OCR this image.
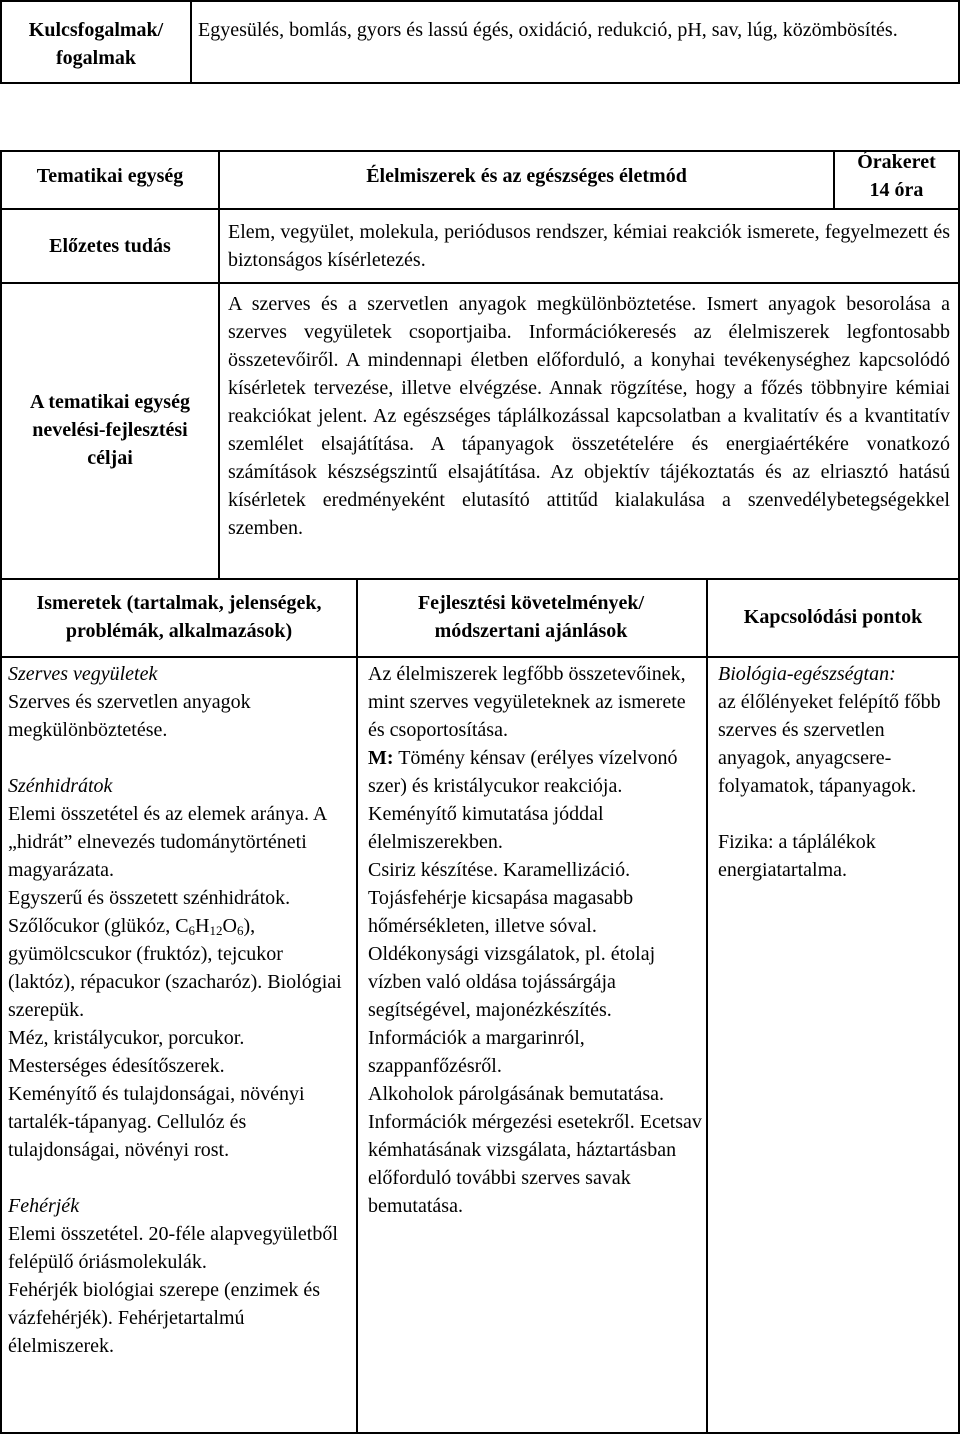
Kulcsfogalmak/ fogalmak
Egyesülés, bomlás, gyors és lassú égés, oxidáció, redukció, pH, sav, lúg, közömbösítés.
Tematikai egység	Élelmiszerek és az egészséges életmód
Órakeret
14 óra
Előzetes tudás
Elem, vegyület, molekula, periódusos rendszer, kémiai reakciók ismerete, fegyelmezett és biztonságos kísérletezés.
A tematikai egység nevelési-fejlesztési céljai
A szerves és a szervetlen anyagok megkülönböztetése. Ismert anyagok besorolása a szerves vegyületek csoportjaiba. Információkeresés az élelmiszerek legfontosabb összetevőiről. A mindennapi életben előforduló, a konyhai tevékenységhez kapcsolódó kísérletek tervezése, illetve elvégzése. Annak rögzítése, hogy a főzés többnyire kémiai reakciókat jelent. Az egészséges táplálkozással kapcsolatban a kvalitatív és a kvantitatív szemlélet elsajátítása. A tápanyagok összetételére és energiaértékére vonatkozó számítások készségszintű elsajátítása. Az objektív tájékoztatás és az elriasztó hatású kísérletek eredményeként elutasító attitűd kialakulása a szenvedélybetegségekkel szemben.
Ismeretek (tartalmak, jelenségek, problémák, alkalmazások)
Fejlesztési követelmények/ módszertani ajánlások
Kapcsolódási pontok

Szerves vegyületek

Szerves és szervetlen anyagok megkülönböztetése.

Szénhidrátok

Elemi összetétel és az elemek aránya. A „hidrát” elnevezés tudománytörténeti magyarázata.

Egyszerű és összetett szénhidrátok. Szőlőcukor (glükóz, $C_6H_{12}O_6$), gyümölcscukor (fruktóz), tejcukor (laktóz), répacukor (szacharóz). Biológiai szerepük.

Méz, kristálycukor, porcukor.

Mesterséges édesítőszerek.

Keményítő és tulajdonságai, növényi tartalék-tápanyag. Cellulóz és tulajdonságai, növényi rost.

Fehérjék

Elemi összetétel. 20-féle alapvegyületből felépülő óriásmolekulák.

Fehérjék biológiai szerepe (enzimek és vázfehérjék). Fehérjetartalmú élelmiszerek.

Az élelmiszerek legfőbb összetevőinek, mint szerves vegyületeknek az ismerete és csoportosítása.

M: Tömény kénsav (erélyes vízelvonó szer) és kristálycukor reakciója. Keményítő kimutatása jóddal élelmiszerekben.

Csiriz készítése. Karamellizáció.

Tojásfehérje kicsapása magasabb hőmérsékleten, illetve sóval.

Oldékonysági vizsgálatok, pl. étolaj vízben való oldása tojássárgája segítségével, majonézkészítés. Információk a margarinról, szappanfőzésről.

Alkoholok párolgásának bemutatása. Információk mérgezési esetekről. Ecetsav kémhatásának vizsgálata, háztartásban előforduló további szerves savak bemutatása.

Biológia-egészségtan:

az élőlényeket felépítő főbb szerves és szervetlen anyagok, anyagcsere-folyamatok, tápanyagok.

Fizika: a táplálékok energiatartalma.
